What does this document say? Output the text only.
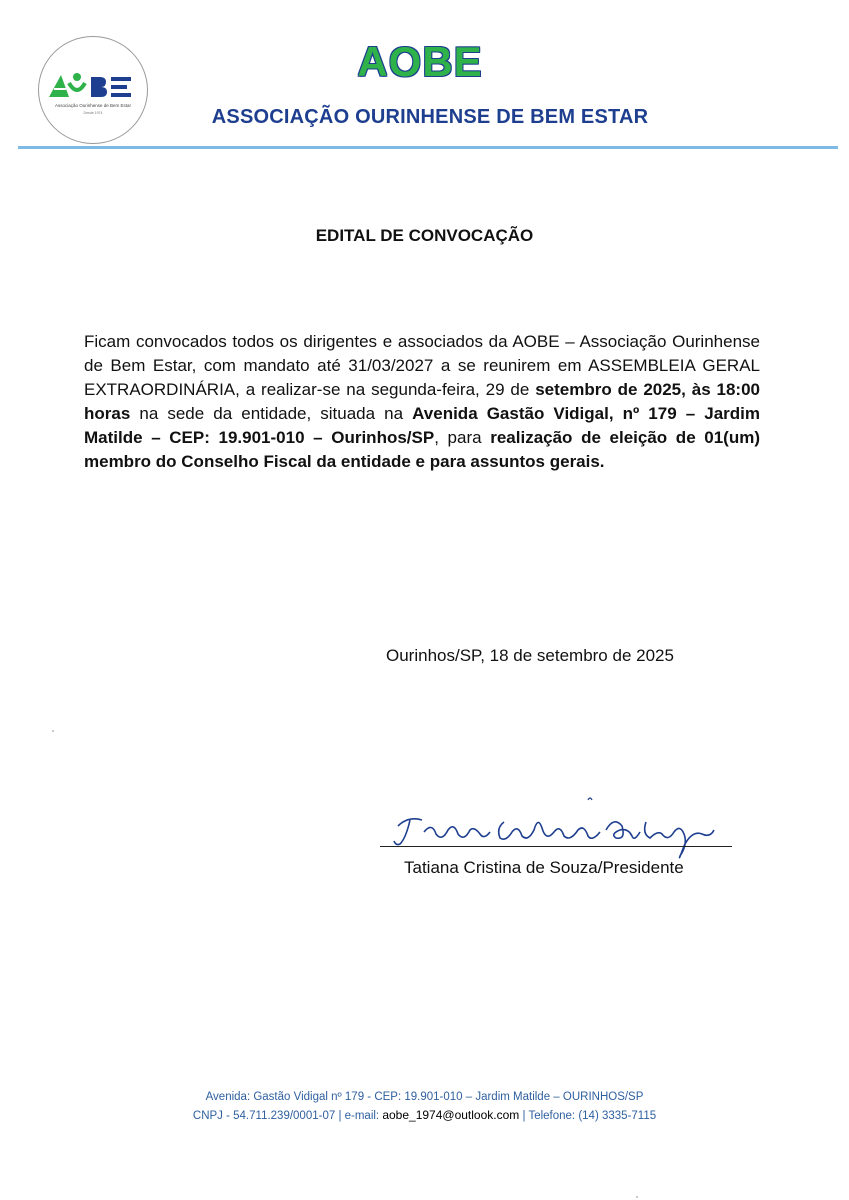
Associação Ourinhense de Bem Estar
Desde 1974
AOBE
ASSOCIAÇÃO OURINHENSE DE BEM ESTAR
EDITAL DE CONVOCAÇÃO
Ficam convocados todos os dirigentes e associados da AOBE – Associação Ourinhense de Bem Estar, com mandato até 31/03/2027 a se reunirem em ASSEMBLEIA GERAL EXTRAORDINÁRIA, a realizar-se na segunda-feira, 29 de setembro de 2025, às 18:00 horas na sede da entidade, situada na Avenida Gastão Vidigal, nº 179 – Jardim Matilde – CEP: 19.901-010 – Ourinhos/SP, para realização de eleição de 01(um) membro do Conselho Fiscal da entidade e para assuntos gerais.
Ourinhos/SP, 18 de setembro de 2025
Tatiana Cristina de Souza/Presidente
Avenida: Gastão Vidigal nº 179 - CEP: 19.901-010 – Jardim Matilde – OURINHOS/SP
CNPJ - 54.711.239/0001-07 | e-mail: aobe_1974@outlook.com | Telefone: (14) 3335-7115
